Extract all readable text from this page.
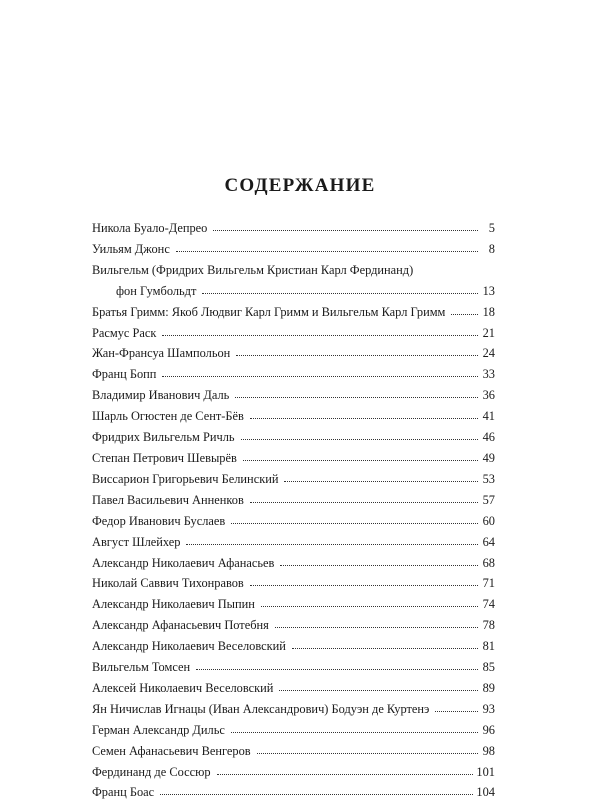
СОДЕРЖАНИЕ
Никола Буало-Депрео	5
Уильям Джонс	8
Вильгельм (Фридрих Вильгельм Кристиан Карл Фердинанд)
фон Гумбольдт	13
Братья Гримм: Якоб Людвиг Карл Гримм и Вильгельм Карл Гримм	18
Расмус Раск	21
Жан-Франсуа Шампольон	24
Франц Бопп	33
Владимир Иванович Даль	36
Шарль Огюстен де Сент-Бёв	41
Фридрих Вильгельм Ричль	46
Степан Петрович Шевырёв	49
Виссарион Григорьевич Белинский	53
Павел Васильевич Анненков	57
Федор Иванович Буслаев	60
Август Шлейхер	64
Александр Николаевич Афанасьев	68
Николай Саввич Тихонравов	71
Александр Николаевич Пыпин	74
Александр Афанасьевич Потебня	78
Александр Николаевич Веселовский	81
Вильгельм Томсен	85
Алексей Николаевич Веселовский	89
Ян Ничислав Игнацы (Иван Александрович) Бодуэн де Куртенэ	93
Герман Александр Дильс	96
Семен Афанасьевич Венгеров	98
Фердинанд де Соссюр	101
Франц Боас	104
